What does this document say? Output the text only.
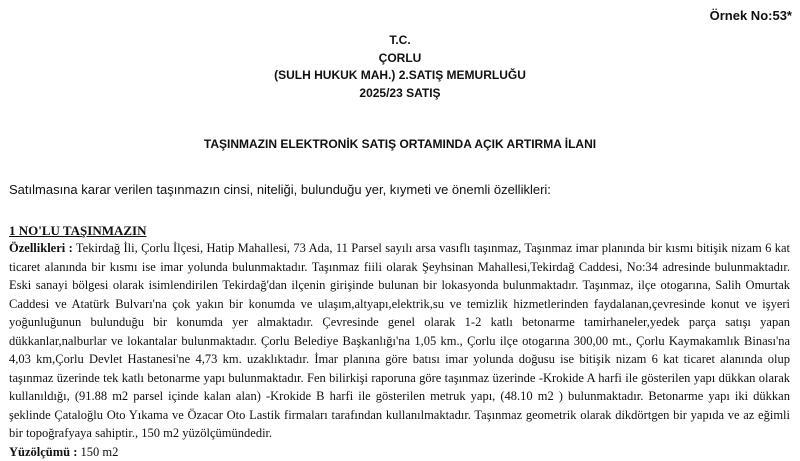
Örnek No:53*
T.C.
ÇORLU
(SULH HUKUK MAH.) 2.SATIŞ MEMURLUĞU
2025/23 SATIŞ
TAŞINMAZIN ELEKTRONİK SATIŞ ORTAMINDA AÇIK ARTIRMA İLANI
Satılmasına karar verilen taşınmazın cinsi, niteliği, bulunduğu yer, kıymeti ve önemli özellikleri:
1 NO'LU TAŞINMAZIN

Özellikleri : Tekirdağ İli, Çorlu İlçesi, Hatip Mahallesi, 73 Ada, 11 Parsel sayılı arsa vasıflı taşınmaz, Taşınmaz imar planında bir kısmı bitişik nizam 6 kat ticaret alanında bir kısmı ise imar yolunda bulunmaktadır. Taşınmaz fiili olarak Şeyhsinan Mahallesi,Tekirdağ Caddesi, No:34 adresinde bulunmaktadır. Eski sanayi bölgesi olarak isimlendirilen Tekirdağ'dan ilçenin girişinde bulunan bir lokasyonda bulunmaktadır. Taşınmaz, ilçe otogarına, Salih Omurtak Caddesi ve Atatürk Bulvarı'na çok yakın bir konumda ve ulaşım,altyapı,elektrik,su ve temizlik hizmetlerinden faydalanan,çevresinde konut ve işyeri yoğunluğunun bulunduğu bir konumda yer almaktadır. Çevresinde genel olarak 1-2 katlı betonarme tamirhaneler,yedek parça satışı yapan dükkanlar,nalburlar ve lokantalar bulunmaktadır. Çorlu Belediye Başkanlığı'na 1,05 km., Çorlu ilçe otogarına 300,00 mt., Çorlu Kaymakamlık Binası'na 4,03 km,Çorlu Devlet Hastanesi'ne 4,73 km. uzaklıktadır. İmar planına göre batısı imar yolunda doğusu ise bitişik nizam 6 kat ticaret alanında olup taşınmaz üzerinde tek katlı betonarme yapı bulunmaktadır. Fen bilirkişi raporuna göre taşınmaz üzerinde -Krokide A harfi ile gösterilen yapı dükkan olarak kullanıldığı, (91.88 m2 parsel içinde kalan alan) -Krokide B harfi ile gösterilen metruk yapı, (48.10 m2 ) bulunmaktadır. Betonarme yapı iki dükkan şeklinde Çataloğlu Oto Yıkama ve Özacar Oto Lastik firmaları tarafından kullanılmaktadır. Taşınmaz geometrik olarak dikdörtgen bir yapıda ve az eğimli bir topoğrafyaya sahiptir., 150 m2 yüzölçümündedir.

Yüzölçümü : 150 m2
